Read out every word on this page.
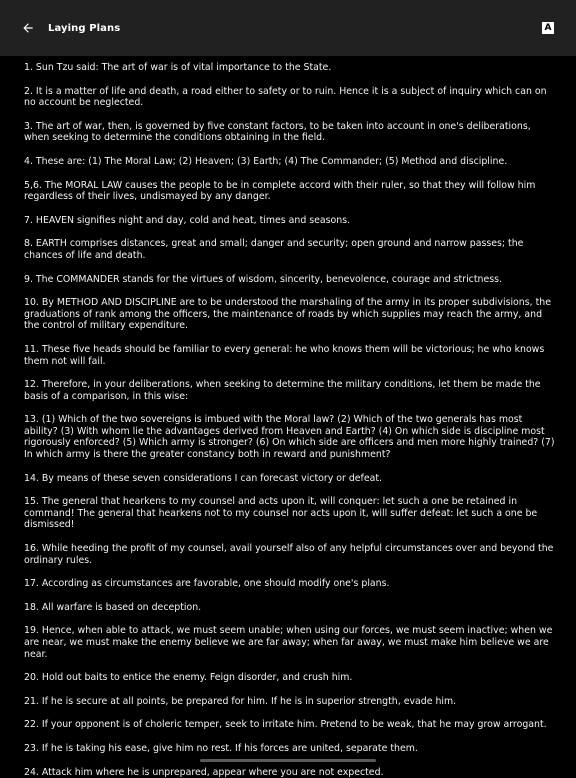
Laying Plans	A

1. Sun Tzu said: The art of war is of vital importance to the State.

2. It is a matter of life and death, a road either to safety or to ruin. Hence it is a subject of inquiry which can on no account be neglected.

3. The art of war, then, is governed by five constant factors, to be taken into account in one's deliberations, when seeking to determine the conditions obtaining in the field.

4. These are: (1) The Moral Law; (2) Heaven; (3) Earth; (4) The Commander; (5) Method and discipline.

5,6. The MORAL LAW causes the people to be in complete accord with their ruler, so that they will follow him regardless of their lives, undismayed by any danger.

7. HEAVEN signifies night and day, cold and heat, times and seasons.

8. EARTH comprises distances, great and small; danger and security; open ground and narrow passes; the chances of life and death.

9. The COMMANDER stands for the virtues of wisdom, sincerity, benevolence, courage and strictness.

10. By METHOD AND DISCIPLINE are to be understood the marshaling of the army in its proper subdivisions, the graduations of rank among the officers, the maintenance of roads by which supplies may reach the army, and the control of military expenditure.

11. These five heads should be familiar to every general: he who knows them will be victorious; he who knows them not will fail.

12. Therefore, in your deliberations, when seeking to determine the military conditions, let them be made the basis of a comparison, in this wise:

13. (1) Which of the two sovereigns is imbued with the Moral law? (2) Which of the two generals has most ability? (3) With whom lie the advantages derived from Heaven and Earth? (4) On which side is discipline most rigorously enforced? (5) Which army is stronger? (6) On which side are officers and men more highly trained? (7) In which army is there the greater constancy both in reward and punishment?

14. By means of these seven considerations I can forecast victory or defeat.

15. The general that hearkens to my counsel and acts upon it, will conquer: let such a one be retained in command! The general that hearkens not to my counsel nor acts upon it, will suffer defeat: let such a one be dismissed!

16. While heeding the profit of my counsel, avail yourself also of any helpful circumstances over and beyond the ordinary rules.

17. According as circumstances are favorable, one should modify one's plans.

18. All warfare is based on deception.

19. Hence, when able to attack, we must seem unable; when using our forces, we must seem inactive; when we are near, we must make the enemy believe we are far away; when far away, we must make him believe we are near.

20. Hold out baits to entice the enemy. Feign disorder, and crush him.

21. If he is secure at all points, be prepared for him. If he is in superior strength, evade him.

22. If your opponent is of choleric temper, seek to irritate him. Pretend to be weak, that he may grow arrogant.

23. If he is taking his ease, give him no rest. If his forces are united, separate them.

24. Attack him where he is unprepared, appear where you are not expected.
